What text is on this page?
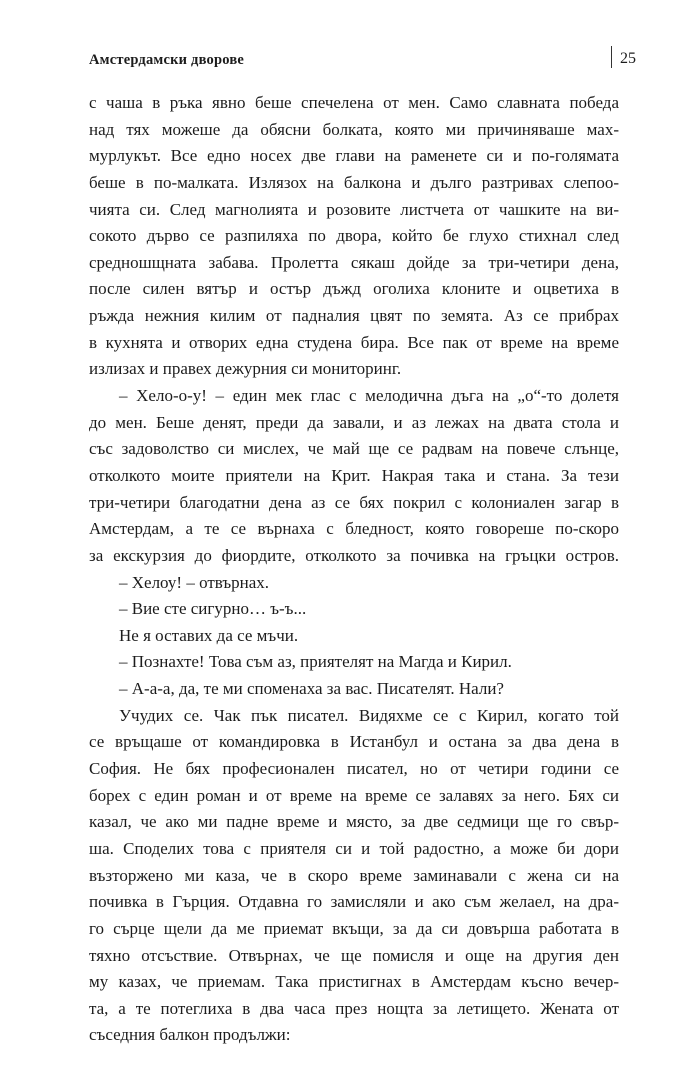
Амстердамски дворове	25
с чаша в ръка явно беше спечелена от мен. Само славната победа
над тях можеше да обясни болката, която ми причиняваше мах-
мурлукът. Все едно носех две глави на раменете си и по-голямата
беше в по-малката. Излязох на балкона и дълго разтривах слепоо-
чията си. След магнолията и розовите листчета от чашките на ви-
сокото дърво се разпиляха по двора, който бе глухо стихнал след
средношщната забава. Пролетта сякаш дойде за три-четири дена,
после силен вятър и остър дъжд оголиха клоните и оцветиха в
ръжда нежния килим от падналия цвят по земята. Аз се прибрах
в кухнята и отворих една студена бира. Все пак от време на време
излизах и правех дежурния си мониторинг.
– Хело-о-у! – един мек глас с мелодична дъга на „о“-то долетя
до мен. Беше денят, преди да завали, и аз лежах на двата стола и
със задоволство си мислех, че май ще се радвам на повече слънце,
отколкото моите приятели на Крит. Накрая така и стана. За тези
три-четири благодатни дена аз се бях покрил с колониален загар в
Амстердам, а те се върнаха с бледност, която говореше по-скоро
за екскурзия до фиордите, отколкото за почивка на гръцки остров.
– Хелоу! – отвърнах.
– Вие сте сигурно… ъ-ъ...
Не я оставих да се мъчи.
– Познахте! Това съм аз, приятелят на Магда и Кирил.
– А-а-а, да, те ми споменаха за вас. Писателят. Нали?
Учудих се. Чак пък писател. Видяхме се с Кирил, когато той
се връщаше от командировка в Истанбул и остана за два дена в
София. Не бях професионален писател, но от четири години се
борех с един роман и от време на време се залавях за него. Бях си
казал, че ако ми падне време и място, за две седмици ще го свър-
ша. Споделих това с приятеля си и той радостно, а може би дори
възторжено ми каза, че в скоро време заминавали с жена си на
почивка в Гърция. Отдавна го замисляли и ако съм желаел, на дра-
го сърце щели да ме приемат вкъщи, за да си довърша работата в
тяхно отсъствие. Отвърнах, че ще помисля и още на другия ден
му казах, че приемам. Така пристигнах в Амстердам късно вечер-
та, а те потеглиха в два часа през нощта за летището. Жената от
съседния балкон продължи:
